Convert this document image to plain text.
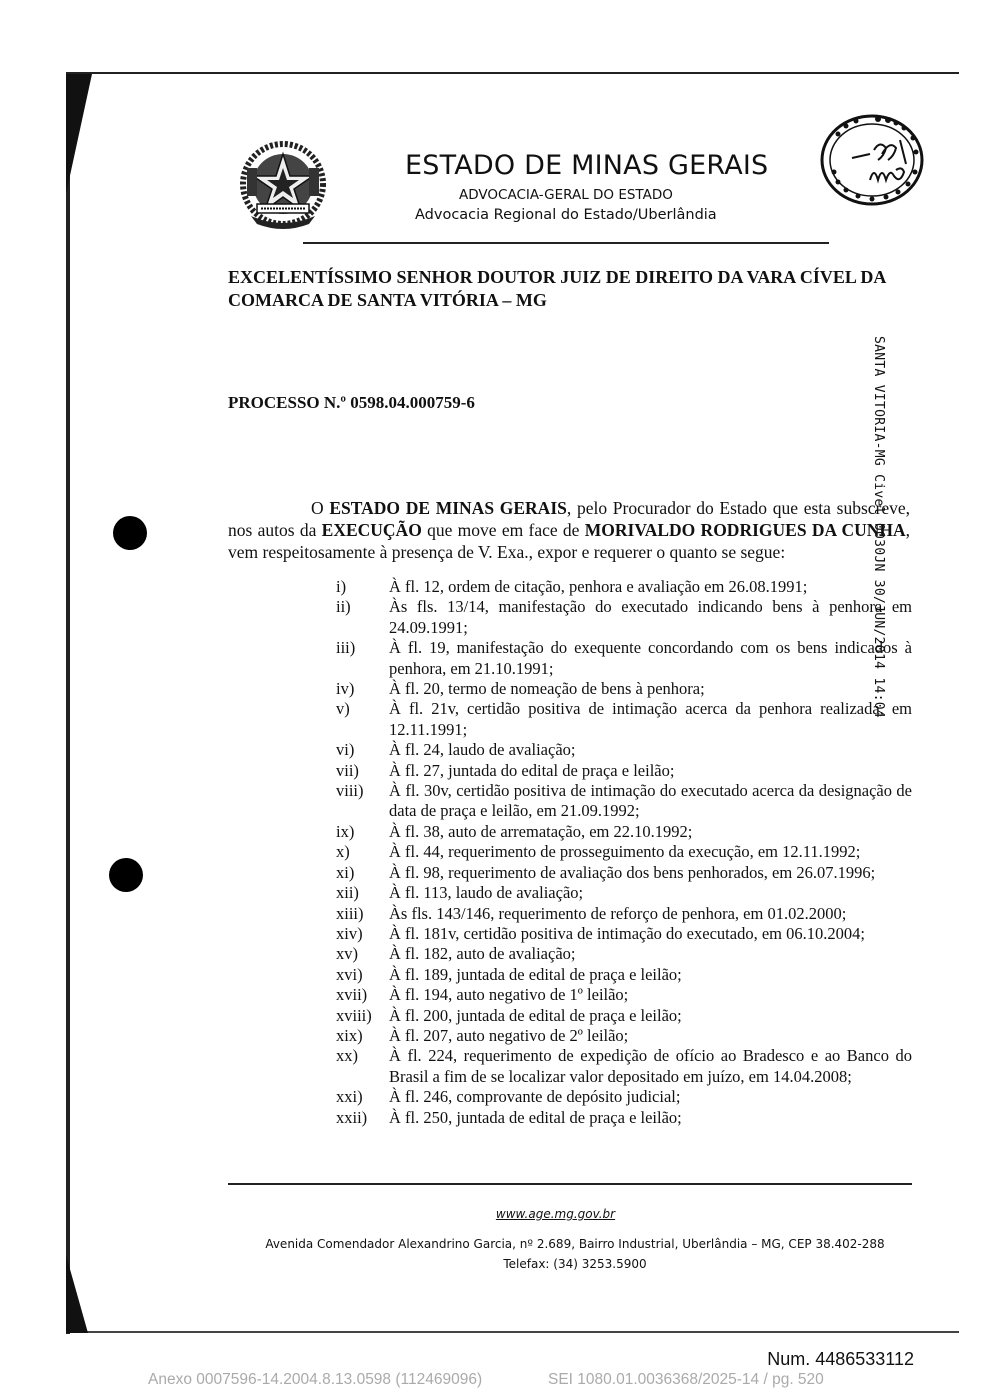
ESTADO DE MINAS GERAIS
ADVOCACIA-GERAL DO ESTADO
Advocacia Regional do Estado/Uberlândia
EXCELENTÍSSIMO SENHOR DOUTOR JUIZ DE DIREITO DA VARA CÍVEL DA COMARCA DE SANTA VITÓRIA – MG
PROCESSO N.º 0598.04.000759-6	SANTA VITORIA-MG Civel 0030JN 30/JUN/2014 14:04

O ESTADO DE MINAS GERAIS, pelo Procurador do Estado que esta subscreve, nos autos da EXECUÇÃO que move em face de MORIVALDO RODRIGUES DA CUNHA, vem respeitosamente à presença de V. Exa., expor e requerer o quanto se segue:

i)	À fl. 12, ordem de citação, penhora e avaliação em 26.08.1991;
ii)	Às fls. 13/14, manifestação do executado indicando bens à penhora em 24.09.1991;
iii)	À fl. 19, manifestação do exequente concordando com os bens indicados à penhora, em 21.10.1991;
iv)	À fl. 20, termo de nomeação de bens à penhora;
v)	À fl. 21v, certidão positiva de intimação acerca da penhora realizada, em 12.11.1991;
vi)	À fl. 24, laudo de avaliação;
vii)	À fl. 27, juntada do edital de praça e leilão;
viii)	À fl. 30v, certidão positiva de intimação do executado acerca da designação de data de praça e leilão, em 21.09.1992;
ix)	À fl. 38, auto de arrematação, em 22.10.1992;
x)	À fl. 44, requerimento de prosseguimento da execução, em 12.11.1992;
xi)	À fl. 98, requerimento de avaliação dos bens penhorados, em 26.07.1996;
xii)	À fl. 113, laudo de avaliação;
xiii)	Às fls. 143/146, requerimento de reforço de penhora, em 01.02.2000;
xiv)	À fl. 181v, certidão positiva de intimação do executado, em 06.10.2004;
xv)	À fl. 182, auto de avaliação;
xvi)	À fl. 189, juntada de edital de praça e leilão;
xvii)	À fl. 194, auto negativo de 1º leilão;
xviii)	À fl. 200, juntada de edital de praça e leilão;
xix)	À fl. 207, auto negativo de 2º leilão;
xx)	À fl. 224, requerimento de expedição de ofício ao Bradesco e ao Banco do Brasil a fim de se localizar valor depositado em juízo, em 14.04.2008;
xxi)	À fl. 246, comprovante de depósito judicial;
xxii)	À fl. 250, juntada de edital de praça e leilão;
www.age.mg.gov.br
Avenida Comendador Alexandrino Garcia, nº 2.689, Bairro Industrial, Uberlândia – MG, CEP 38.402-288
Telefax: (34) 3253.5900
Num. 4486533112
Anexo 0007596-14.2004.8.13.0598 (112469096)	SEI 1080.01.0036368/2025-14 / pg. 520
